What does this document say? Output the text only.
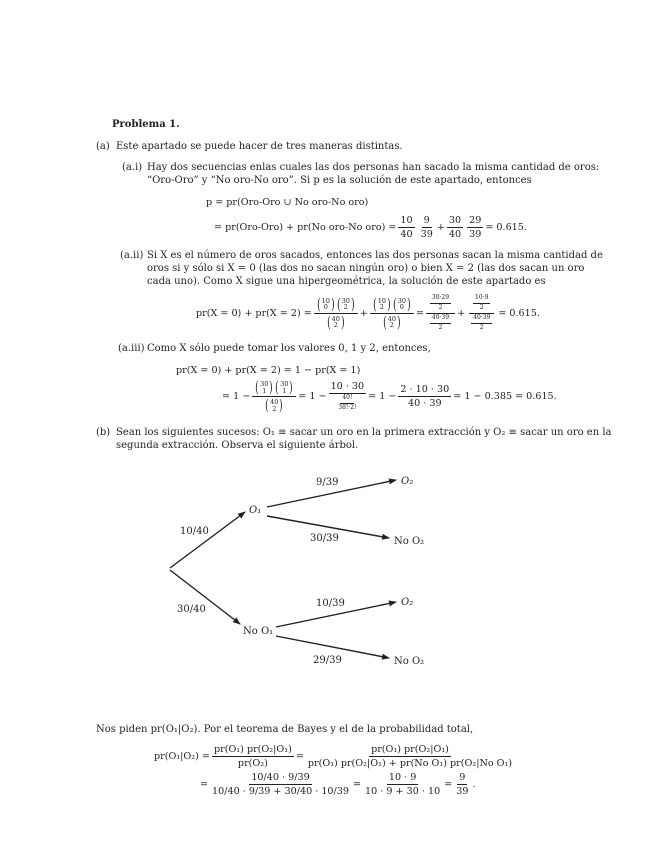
Problema 1.
(a) Este apartado se puede hacer de tres maneras distintas.
(a.i) Hay dos secuencias enlas cuales las dos personas han sacado la misma cantidad de oros:
“Oro-Oro” y “No oro-No oro”. Si p es la solución de este apartado, entonces
p = pr(Oro-Oro ∪ No oro-No oro)
= pr(Oro-Oro) + pr(No oro-No $oro) = \frac{10}{40} \frac{9}{39} + \frac{30}{40} \frac{29}{39} = 0.615$.
(a.ii) Si X es el número de oros sacados, entonces las dos personas sacan la misma cantidad de
oros si y sólo si X = 0 (las dos no sacan ningún oro) o bien X = 2 (las dos sacan un oro
cada uno). Como X sigue una hipergeométrica, la solución de este apartado es
pr(X = 0) + pr(X = 2) = ( 10
0 ) ( 30
2 )
( 40
2 ) + ( 10
2 ) ( 30
0 )
( 40
2 ) = $\frac{\frac{30\cdot 29}{2}}{\frac{40\cdot 39}{2}} + \frac{\frac{10\cdot 9}{2}}{\frac{40\cdot 39}{2}} = 0.615$.
(a.iii) Como X sólo puede tomar los valores 0, 1 y 2, entonces,
pr(X = 0) + pr(X = 2) = 1 − pr(X = 1)
= 1 − ( 30
1 ) ( 30
1 )
( 40
2 ) = $1 - \frac{10 \cdot 30}{\frac{40!}{38!\cdot 2!}} = 1 - \frac{2 \cdot 10 \cdot 30}{40 \cdot 39} = 1 - 0.385 = 0.615$.
(b) Sean los siguientes sucesos: O₁ ≡ sacar un oro en la primera extracción y O₂ ≡ sacar un oro en la
segunda extracción. Observa el siguiente árbol.
10/40
30/40
O₁
No O₁
9/39
30/39
10/39
29/39
O₂
No O₂
O₂
No O₂
Nos piden pr(O₁|O₂). Por el teorema de Bayes y el de la probabilidad total,
$pr(O_1|O_2) = \frac{\text{pr(O₁) pr(O₂|O₁)}}{\text{pr(O₂)}} = \frac{\text{pr(O₁) pr(O₂|O₁)}}{\text{pr(O₁) pr(O₂|O₁) + pr(No O₁) pr(O₂|No O₁)}}$
= $\frac{10/40 \cdot 9/39}{10/40 \cdot 9/39 + 30/40 \cdot 10/39} = \frac{10 \cdot 9}{10 \cdot 9 + 30 \cdot 10} = \frac{9}{39}$ .
